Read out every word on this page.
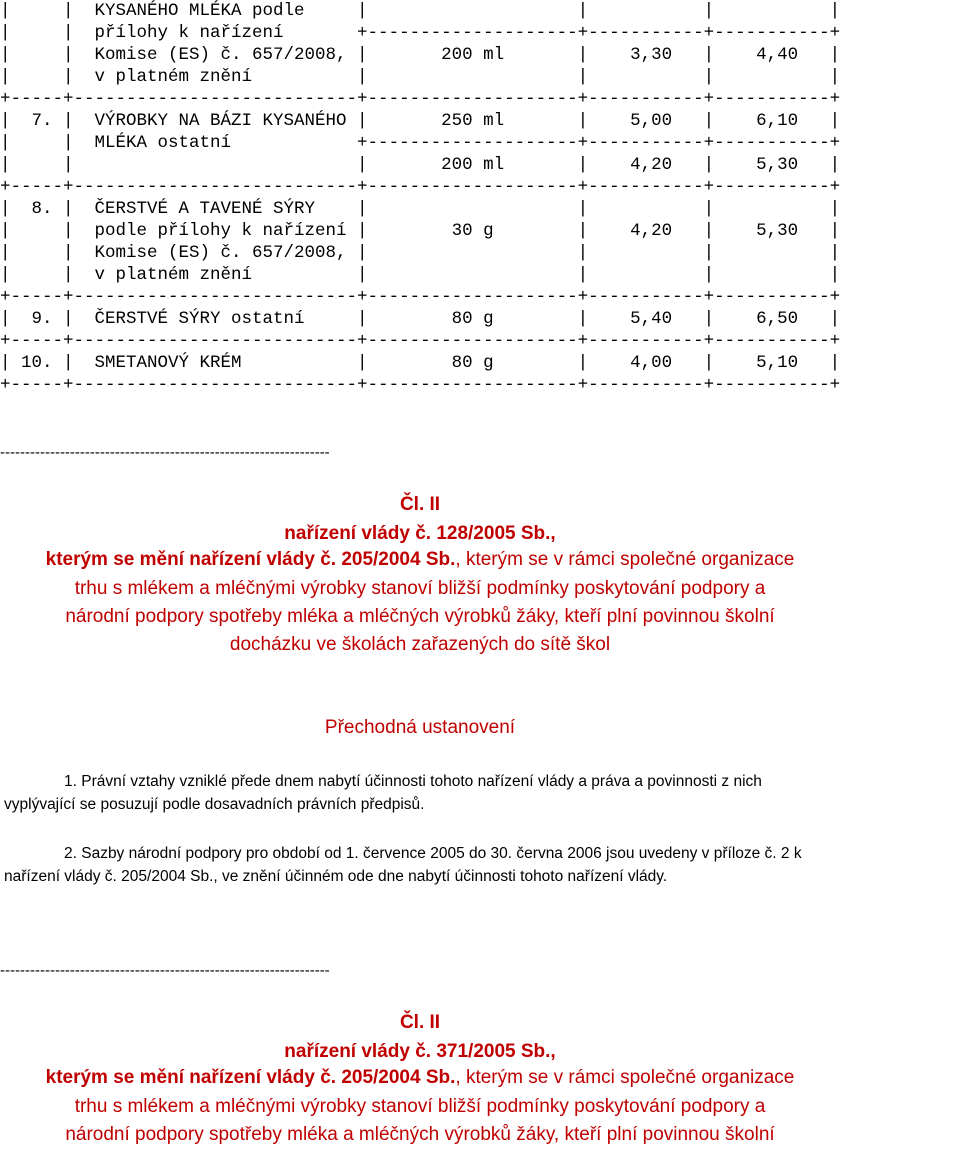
|     |  KYSANÉHO MLÉKA podle     |                    |           |           |
|     |  přílohy k nařízení       +--------------------+-----------+-----------+
|     |  Komise (ES) č. 657/2008, |       200 ml       |    3,30   |    4,40   |
|     |  v platném znění          |                    |           |           |
+-----+---------------------------+--------------------+-----------+-----------+
|  7. |  VÝROBKY NA BÁZI KYSANÉHO |       250 ml       |    5,00   |    6,10   |
|     |  MLÉKA ostatní            +--------------------+-----------+-----------+
|     |                           |       200 ml       |    4,20   |    5,30   |
+-----+---------------------------+--------------------+-----------+-----------+
|  8. |  ČERSTVÉ A TAVENÉ SÝRY    |                    |           |           |
|     |  podle přílohy k nařízení |        30 g        |    4,20   |    5,30   |
|     |  Komise (ES) č. 657/2008, |                    |           |           |
|     |  v platném znění          |                    |           |           |
+-----+---------------------------+--------------------+-----------+-----------+
|  9. |  ČERSTVÉ SÝRY ostatní     |        80 g        |    5,40   |    6,50   |
+-----+---------------------------+--------------------+-----------+-----------+
| 10. |  SMETANOVÝ KRÉM           |        80 g        |    4,00   |    5,10   |
+-----+---------------------------+--------------------+-----------+-----------+
------------------------------------------------------------------

Čl. II

nařízení vlády č. 128/2005 Sb.,

kterým se mění nařízení vlády č. 205/2004 Sb., kterým se v rámci společné organizace

trhu s mlékem a mléčnými výrobky stanoví bližší podmínky poskytování podpory a

národní podpory spotřeby mléka a mléčných výrobků žáky, kteří plní povinnou školní

docházku ve školách zařazených do sítě škol

Přechodná ustanovení

1. Právní vztahy vzniklé přede dnem nabytí účinnosti tohoto nařízení vlády a práva a povinnosti z nich vyplývající se posuzují podle dosavadních právních předpisů.

2. Sazby národní podpory pro období od 1. července 2005 do 30. června 2006 jsou uvedeny v příloze č. 2 k nařízení vlády č. 205/2004 Sb., ve znění účinném ode dne nabytí účinnosti tohoto nařízení vlády.

------------------------------------------------------------------

Čl. II

nařízení vlády č. 371/2005 Sb.,

kterým se mění nařízení vlády č. 205/2004 Sb., kterým se v rámci společné organizace

trhu s mlékem a mléčnými výrobky stanoví bližší podmínky poskytování podpory a

národní podpory spotřeby mléka a mléčných výrobků žáky, kteří plní povinnou školní
